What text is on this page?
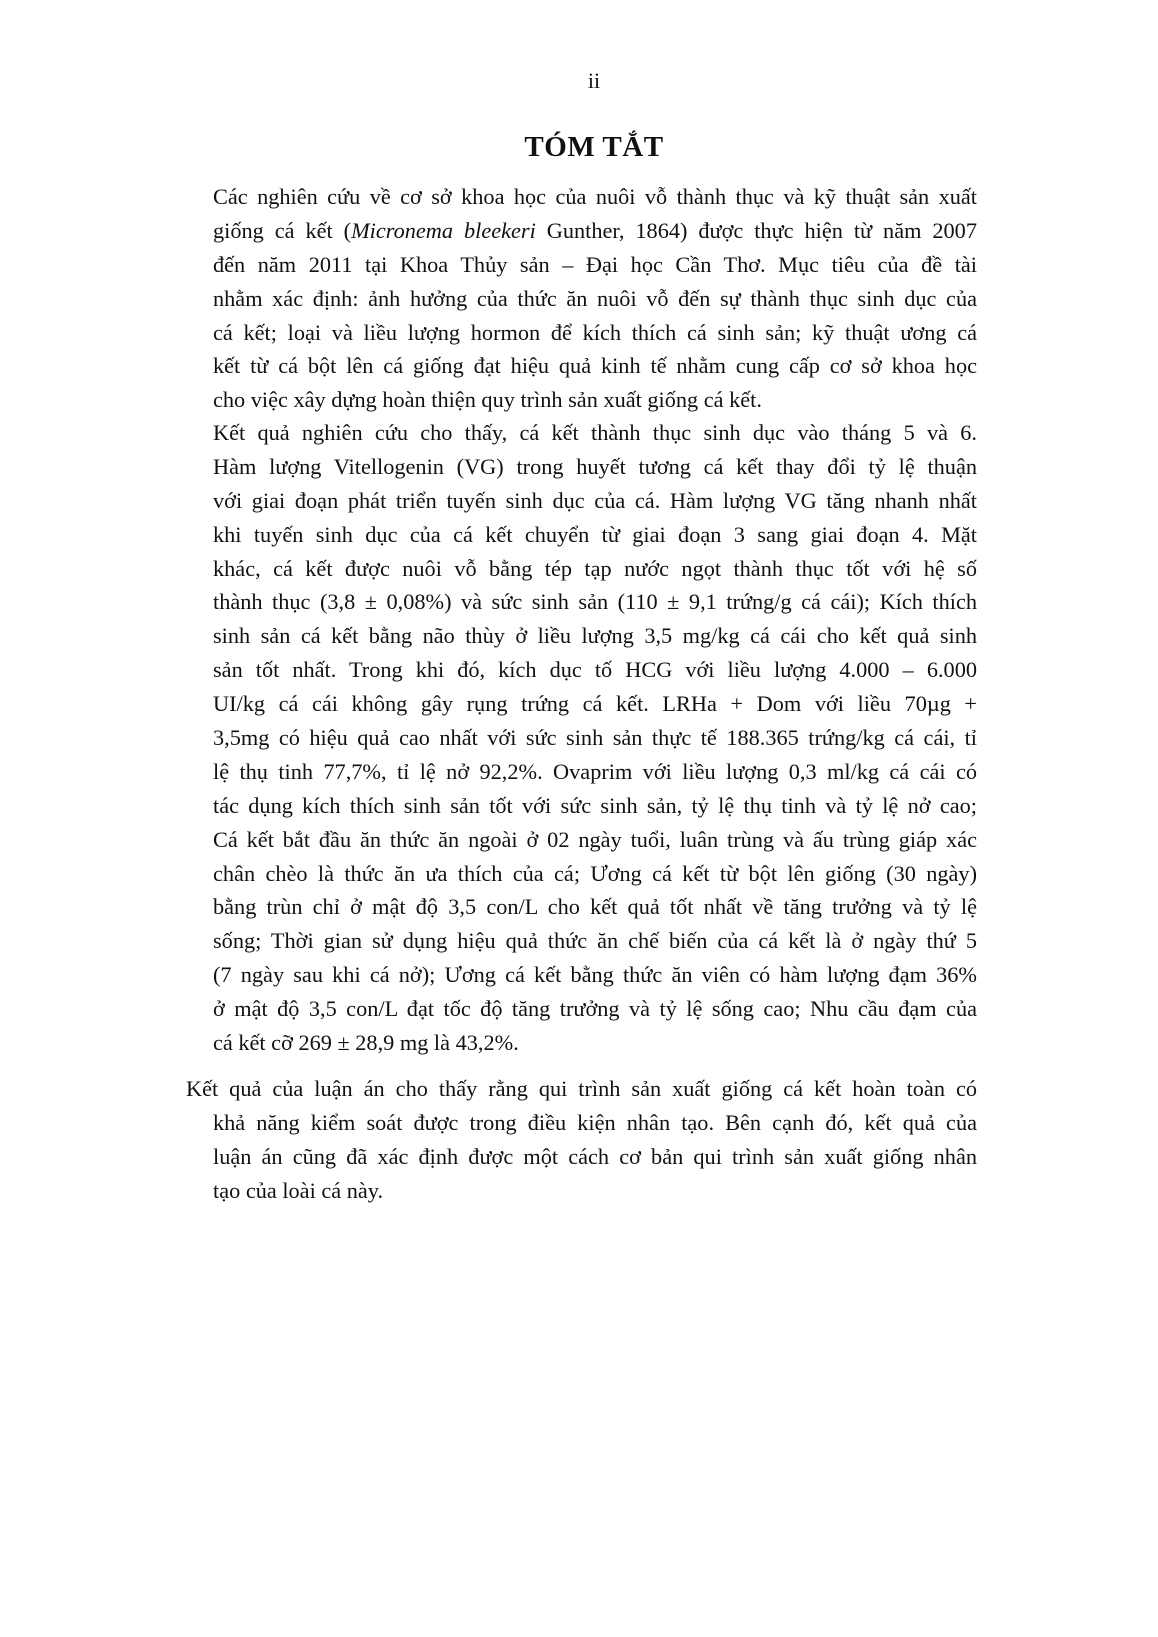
ii
TÓM TẮT
Các nghiên cứu về cơ sở khoa học của nuôi vỗ thành thục và kỹ thuật sản xuất
giống cá kết (Micronema bleekeri Gunther, 1864) được thực hiện từ năm 2007
đến năm 2011 tại Khoa Thủy sản – Đại học Cần Thơ. Mục tiêu của đề tài
nhằm xác định: ảnh hưởng của thức ăn nuôi vỗ đến sự thành thục sinh dục của
cá kết; loại và liều lượng hormon để kích thích cá sinh sản; kỹ thuật ương cá
kết từ cá bột lên cá giống đạt hiệu quả kinh tế nhằm cung cấp cơ sở khoa học
cho việc xây dựng hoàn thiện quy trình sản xuất giống cá kết.
Kết quả nghiên cứu cho thấy, cá kết thành thục sinh dục vào tháng 5 và 6.
Hàm lượng Vitellogenin (VG) trong huyết tương cá kết thay đổi tỷ lệ thuận
với giai đoạn phát triển tuyến sinh dục của cá. Hàm lượng VG tăng nhanh nhất
khi tuyến sinh dục của cá kết chuyển từ giai đoạn 3 sang giai đoạn 4. Mặt
khác, cá kết được nuôi vỗ bằng tép tạp nước ngọt thành thục tốt với hệ số
thành thục (3,8 ± 0,08%) và sức sinh sản (110 ± 9,1 trứng/g cá cái); Kích thích
sinh sản cá kết bằng não thùy ở liều lượng 3,5 mg/kg cá cái cho kết quả sinh
sản tốt nhất. Trong khi đó, kích dục tố HCG với liều lượng 4.000 – 6.000
UI/kg cá cái không gây rụng trứng cá kết. LRHa + Dom với liều 70µg +
3,5mg có hiệu quả cao nhất với sức sinh sản thực tế 188.365 trứng/kg cá cái, tỉ
lệ thụ tinh 77,7%, tỉ lệ nở 92,2%. Ovaprim với liều lượng 0,3 ml/kg cá cái có
tác dụng kích thích sinh sản tốt với sức sinh sản, tỷ lệ thụ tinh và tỷ lệ nở cao;
Cá kết bắt đầu ăn thức ăn ngoài ở 02 ngày tuổi, luân trùng và ấu trùng giáp xác
chân chèo là thức ăn ưa thích của cá; Ương cá kết từ bột lên giống (30 ngày)
bằng trùn chỉ ở mật độ 3,5 con/L cho kết quả tốt nhất về tăng trưởng và tỷ lệ
sống; Thời gian sử dụng hiệu quả thức ăn chế biến của cá kết là ở ngày thứ 5
(7 ngày sau khi cá nở); Ương cá kết bằng thức ăn viên có hàm lượng đạm 36%
ở mật độ 3,5 con/L đạt tốc độ tăng trưởng và tỷ lệ sống cao; Nhu cầu đạm của
cá kết cỡ 269 ± 28,9 mg là 43,2%.
Kết quả của luận án cho thấy rằng qui trình sản xuất giống cá kết hoàn toàn có
khả năng kiểm soát được trong điều kiện nhân tạo. Bên cạnh đó, kết quả của
luận án cũng đã xác định được một cách cơ bản qui trình sản xuất giống nhân
tạo của loài cá này.
